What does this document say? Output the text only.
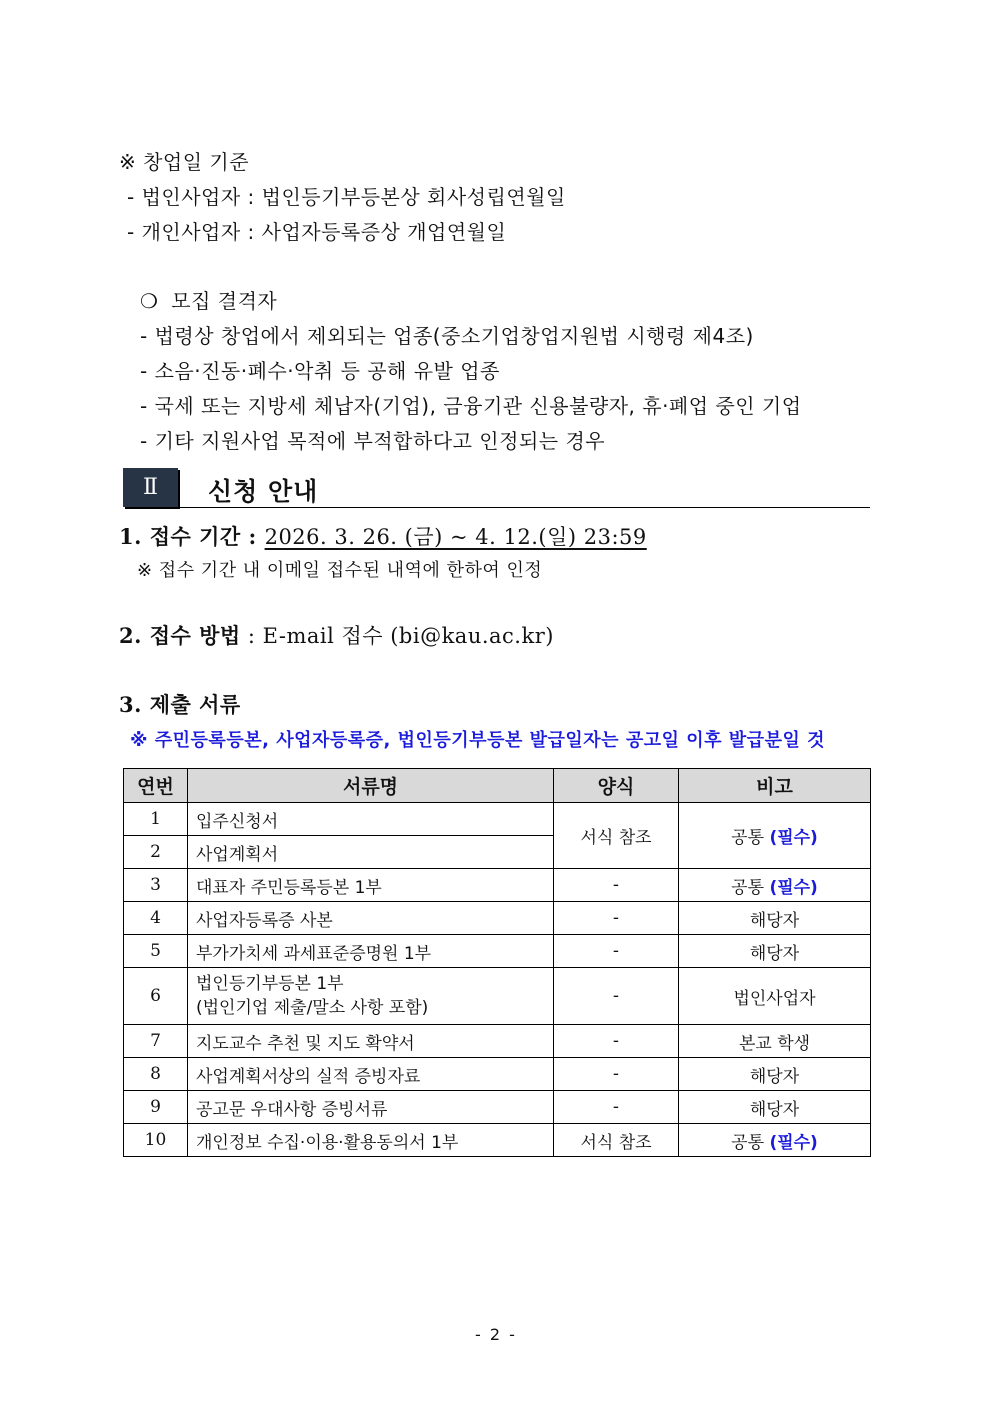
※ 창업일 기준
- 법인사업자 : 법인등기부등본상 회사성립연월일
- 개인사업자 : 사업자등록증상 개업연월일
❍ 모집 결격자
- 법령상 창업에서 제외되는 업종(중소기업창업지원법 시행령 제4조)
- 소음·진동·폐수·악취 등 공해 유발 업종
- 국세 또는 지방세 체납자(기업), 금융기관 신용불량자, 휴·폐업 중인 기업
- 기타 지원사업 목적에 부적합하다고 인정되는 경우
Ⅱ 신청 안내
1. 접수 기간 : 2026. 3. 26. (금) ~ 4. 12.(일) 23:59
※ 접수 기간 내 이메일 접수된 내역에 한하여 인정
2. 접수 방법 : E-mail 접수 (bi@kau.ac.kr)
3. 제출 서류
※ 주민등록등본, 사업자등록증, 법인등기부등본 발급일자는 공고일 이후 발급분일 것
연번	서류명	양식	비고
1	입주신청서	서식 참조	공통 (필수)
2	사업계획서		
3	대표자 주민등록등본 1부	-	공통 (필수)
4	사업자등록증 사본	-	해당자
5	부가가치세 과세표준증명원 1부	-	해당자
6	법인등기부등본 1부
(법인기업 제출/말소 사항 포함)	-	법인사업자
7	지도교수 추천 및 지도 확약서	-	본교 학생
8	사업계획서상의 실적 증빙자료	-	해당자
9	공고문 우대사항 증빙서류	-	해당자
10	개인정보 수집·이용·활용동의서 1부	서식 참조	공통 (필수)
- 2 -
